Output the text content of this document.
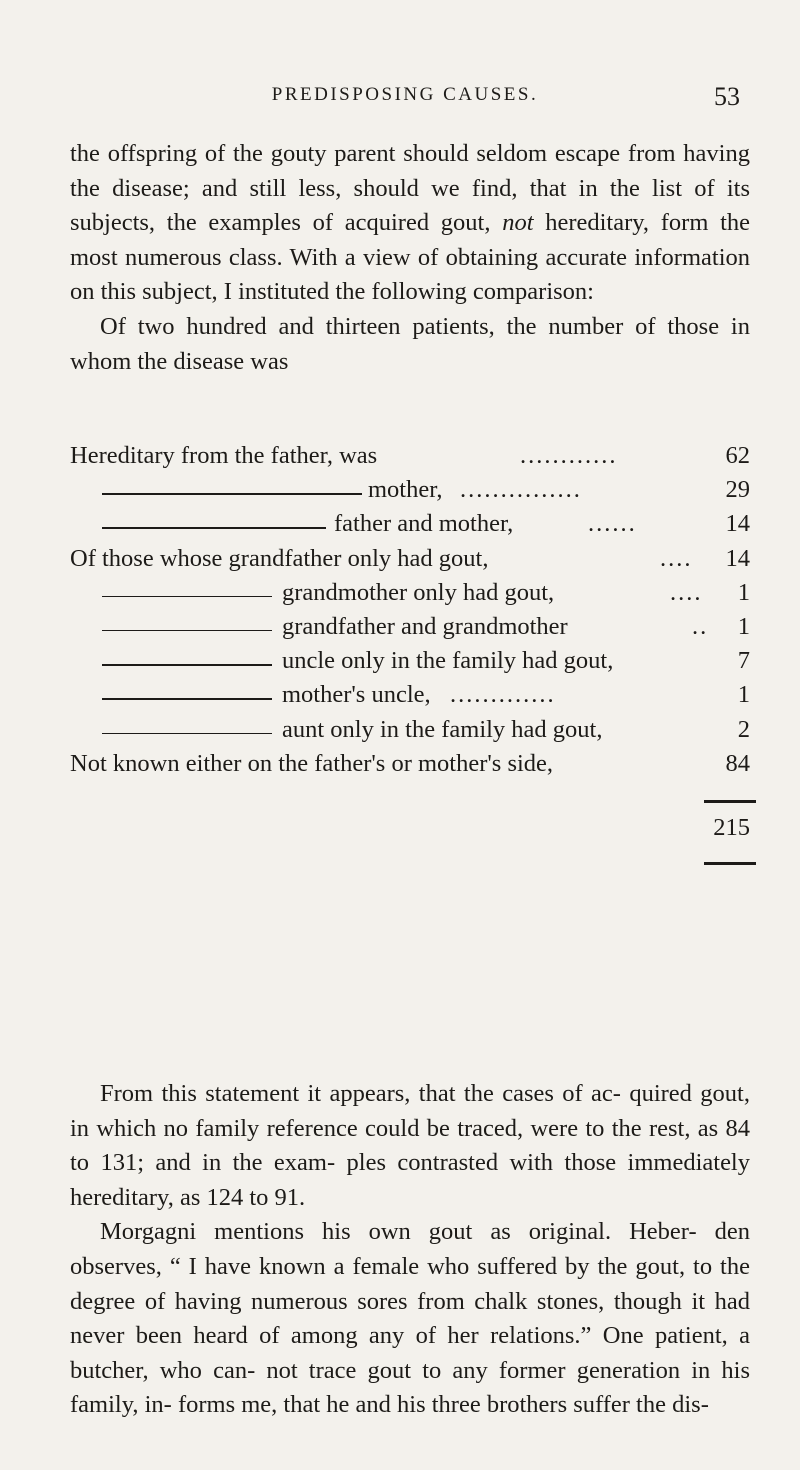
PREDISPOSING CAUSES.	53

the offspring of the gouty parent should seldom escape from having the disease; and still less, should we find, that in the list of its subjects, the examples of acquired gout, not hereditary, form the most numerous class. With a view of obtaining accurate information on this subject, I instituted the following comparison:

Of two hundred and thirteen patients, the number of those in whom the disease was

Hereditary from the father, was	............	62
mother, ...............	29
father and mother,	......	14
Of those whose grandfather only had gout,	.... 14
grandmother only had gout,	.... 1
grandfather and grandmother	.. 1
uncle only in the family had gout,	7
mother's uncle, .............	1
aunt only in the family had gout,	2
Not known either on the father's or mother's side,	84
215

From this statement it appears, that the cases of ac- quired gout, in which no family reference could be traced, were to the rest, as 84 to 131; and in the exam- ples contrasted with those immediately hereditary, as 124 to 91.

Morgagni mentions his own gout as original. Heber- den observes, “ I have known a female who suffered by the gout, to the degree of having numerous sores from chalk stones, though it had never been heard of among any of her relations.” One patient, a butcher, who can- not trace gout to any former generation in his family, in- forms me, that he and his three brothers suffer the dis-
